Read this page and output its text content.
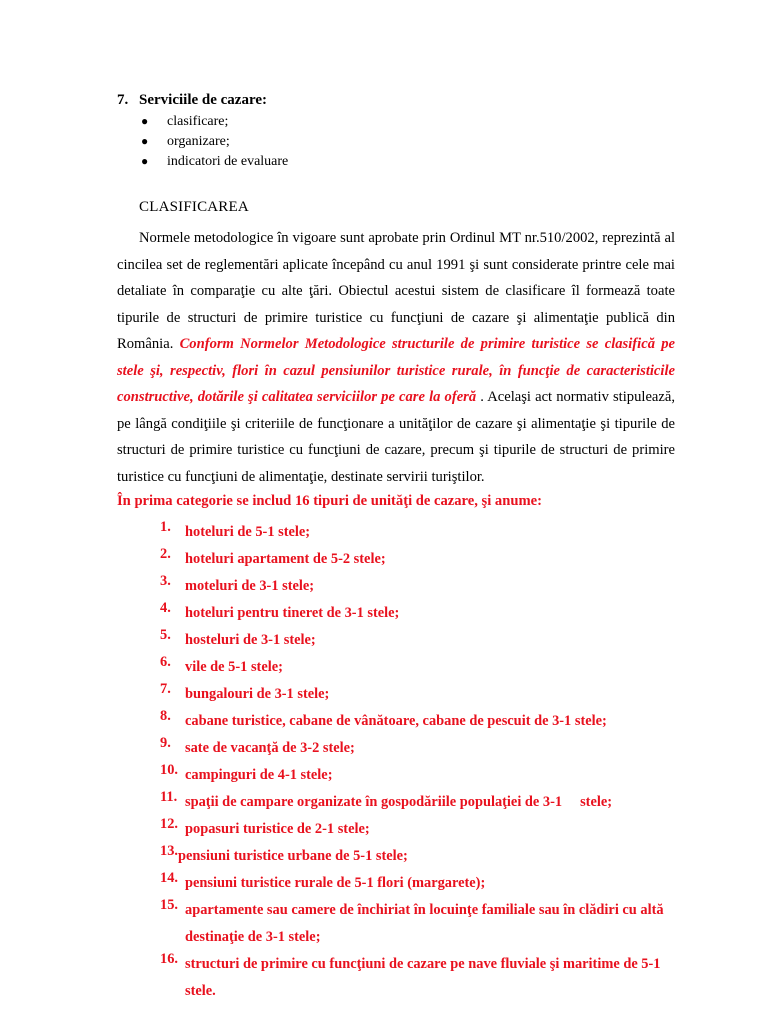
7. Serviciile de cazare:
● clasificare;
● organizare;
● indicatori de evaluare
CLASIFICAREA
Normele metodologice în vigoare sunt aprobate prin Ordinul MT nr.510/2002, reprezintă al cincilea set de reglementări aplicate începând cu anul 1991 şi sunt considerate printre cele mai detaliate în comparaţie cu alte ţări. Obiectul acestui sistem de clasificare îl formează toate tipurile de structuri de primire turistice cu funcţiuni de cazare şi alimentaţie publică din România. Conform Normelor Metodologice structurile de primire turistice se clasifică pe stele şi, respectiv, flori în cazul pensiunilor turistice rurale, în funcţie de caracteristicile constructive, dotările şi calitatea serviciilor pe care la oferă . Acelaşi act normativ stipulează, pe lângă condiţiile şi criteriile de funcţionare a unităţilor de cazare şi alimentaţie şi tipurile de structuri de primire turistice cu funcţiuni de cazare, precum şi tipurile de structuri de primire turistice cu funcţiuni de alimentaţie, destinate servirii turiştilor.
În prima categorie se includ 16 tipuri de unităţi de cazare, şi anume:
1. hoteluri de 5-1 stele;
2. hoteluri apartament de 5-2 stele;
3. moteluri de 3-1 stele;
4. hoteluri pentru tineret de 3-1 stele;
5. hosteluri de 3-1 stele;
6. vile de 5-1 stele;
7. bungalouri de 3-1 stele;
8. cabane turistice, cabane de vânătoare, cabane de pescuit de 3-1 stele;
9. sate de vacanţă de 3-2 stele;
10. campinguri de 4-1 stele;
11. spaţii de campare organizate în gospodăriile populaţiei de 3-1     stele;
12. popasuri turistice de 2-1 stele;
13. pensiuni turistice urbane de 5-1 stele;
14. pensiuni turistice rurale de 5-1 flori (margarete);
15. apartamente sau camere de închiriat în locuinţe familiale sau în clădiri cu altă destinaţie de 3-1 stele;
16. structuri de primire cu funcţiuni de cazare pe nave fluviale şi maritime de 5-1 stele.
